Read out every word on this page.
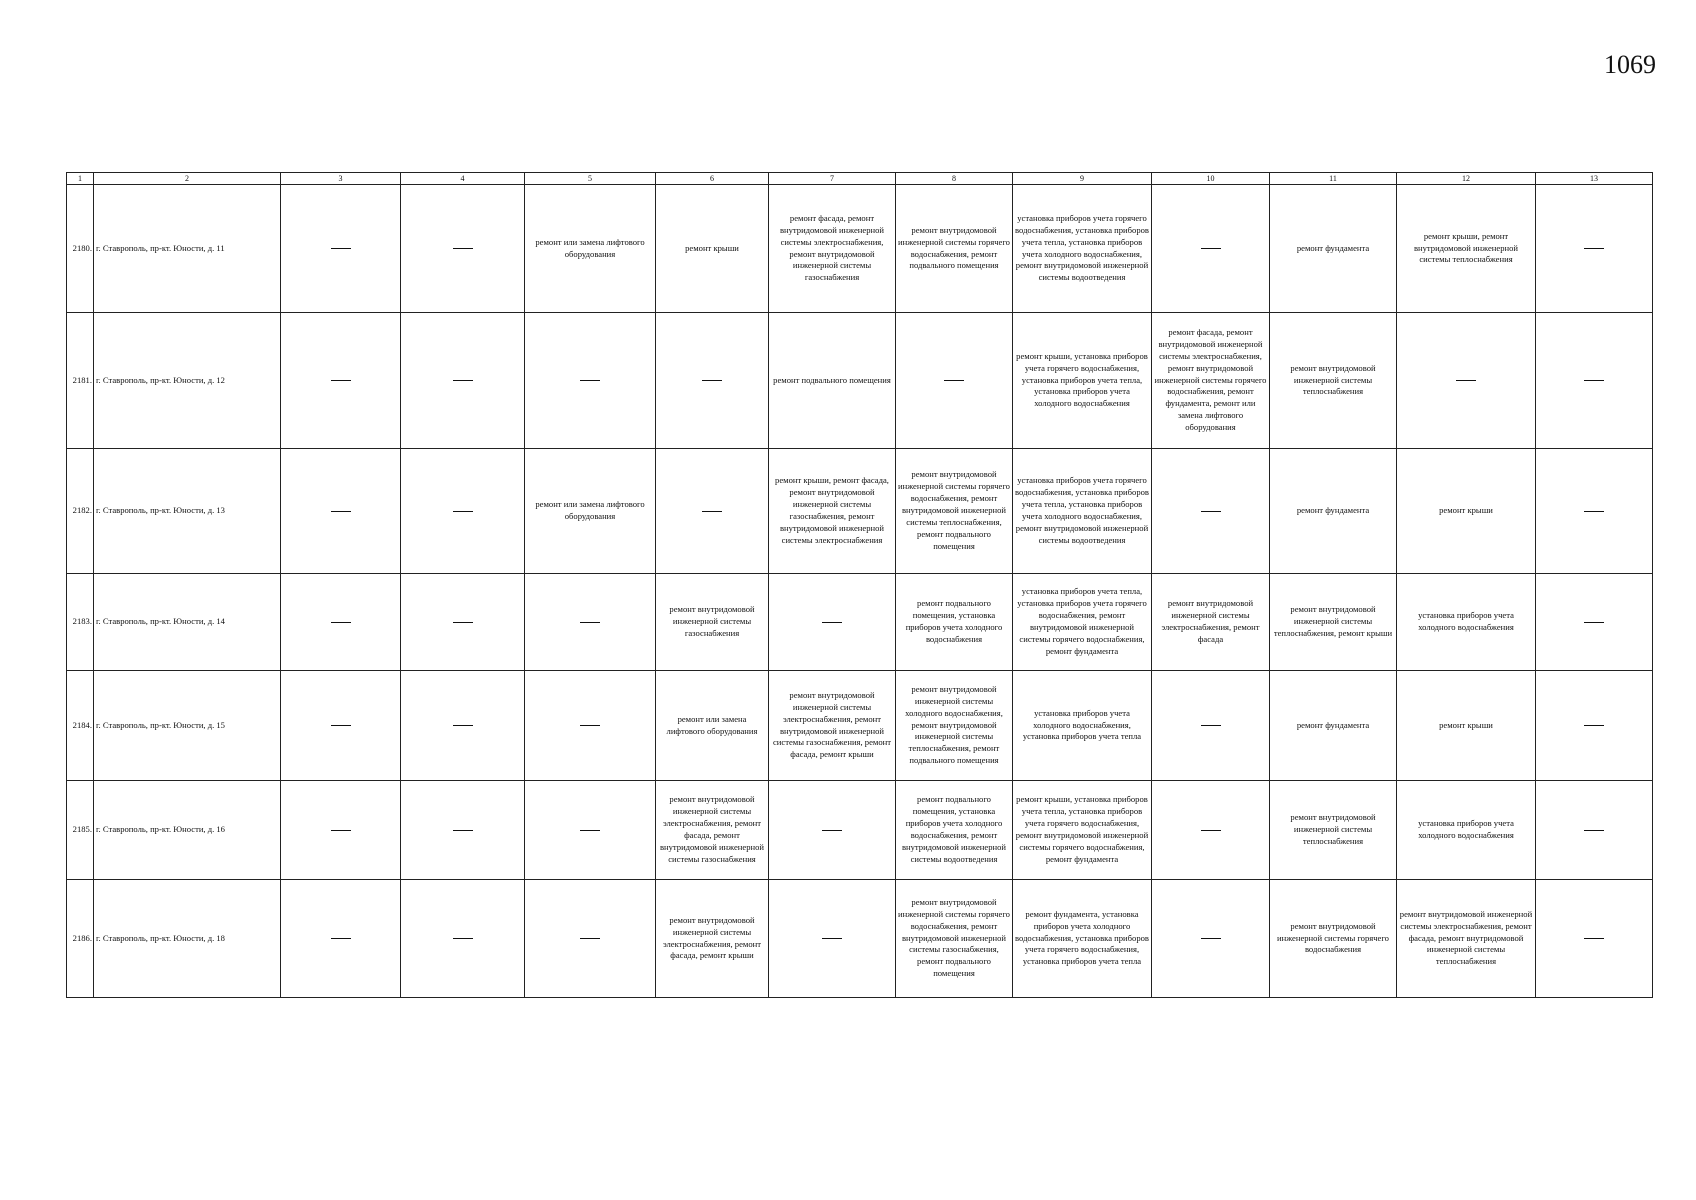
1069
1	2	3	4	5	6	7	8	9	10	11	12	13
2180.	г. Ставрополь, пр-кт. Юности, д. 11			ремонт или замена лифтового оборудования	ремонт крыши	ремонт фасада, ремонт внутридомовой инженерной системы электроснабжения, ремонт внутридомовой инженерной системы газоснабжения	ремонт внутридомовой инженерной системы горячего водоснабжения, ремонт подвального помещения	установка приборов учета горячего водоснабжения, установка приборов учета тепла, установка приборов учета холодного водоснабжения, ремонт внутридомовой инженерной системы водоотведения		ремонт фундамента	ремонт крыши, ремонт внутридомовой инженерной системы теплоснабжения	
2181.	г. Ставрополь, пр-кт. Юности, д. 12					ремонт подвального помещения		ремонт крыши, установка приборов учета горячего водоснабжения, установка приборов учета тепла, установка приборов учета холодного водоснабжения	ремонт фасада, ремонт внутридомовой инженерной системы электроснабжения, ремонт внутридомовой инженерной системы горячего водоснабжения, ремонт фундамента, ремонт или замена лифтового оборудования	ремонт внутридомовой инженерной системы теплоснабжения		
2182.	г. Ставрополь, пр-кт. Юности, д. 13			ремонт или замена лифтового оборудования		ремонт крыши, ремонт фасада, ремонт внутридомовой инженерной системы газоснабжения, ремонт внутридомовой инженерной системы электроснабжения	ремонт внутридомовой инженерной системы горячего водоснабжения, ремонт внутридомовой инженерной системы теплоснабжения, ремонт подвального помещения	установка приборов учета горячего водоснабжения, установка приборов учета тепла, установка приборов учета холодного водоснабжения, ремонт внутридомовой инженерной системы водоотведения		ремонт фундамента	ремонт крыши	
2183.	г. Ставрополь, пр-кт. Юности, д. 14				ремонт внутридомовой инженерной системы газоснабжения		ремонт подвального помещения, установка приборов учета холодного водоснабжения	установка приборов учета тепла, установка приборов учета горячего водоснабжения, ремонт внутридомовой инженерной системы горячего водоснабжения, ремонт фундамента	ремонт внутридомовой инженерной системы электроснабжения, ремонт фасада	ремонт внутридомовой инженерной системы теплоснабжения, ремонт крыши	установка приборов учета холодного водоснабжения	
2184.	г. Ставрополь, пр-кт. Юности, д. 15				ремонт или замена лифтового оборудования	ремонт внутридомовой инженерной системы электроснабжения, ремонт внутридомовой инженерной системы газоснабжения, ремонт фасада, ремонт крыши	ремонт внутридомовой инженерной системы холодного водоснабжения, ремонт внутридомовой инженерной системы теплоснабжения, ремонт подвального помещения	установка приборов учета холодного водоснабжения, установка приборов учета тепла		ремонт фундамента	ремонт крыши	
2185.	г. Ставрополь, пр-кт. Юности, д. 16				ремонт внутридомовой инженерной системы электроснабжения, ремонт фасада, ремонт внутридомовой инженерной системы газоснабжения		ремонт подвального помещения, установка приборов учета холодного водоснабжения, ремонт внутридомовой инженерной системы водоотведения	ремонт крыши, установка приборов учета тепла, установка приборов учета горячего водоснабжения, ремонт внутридомовой инженерной системы горячего водоснабжения, ремонт фундамента		ремонт внутридомовой инженерной системы теплоснабжения	установка приборов учета холодного водоснабжения	
2186.	г. Ставрополь, пр-кт. Юности, д. 18				ремонт внутридомовой инженерной системы электроснабжения, ремонт фасада, ремонт крыши		ремонт внутридомовой инженерной системы горячего водоснабжения, ремонт внутридомовой инженерной системы газоснабжения, ремонт подвального помещения	ремонт фундамента, установка приборов учета холодного водоснабжения, установка приборов учета горячего водоснабжения, установка приборов учета тепла		ремонт внутридомовой инженерной системы горячего водоснабжения	ремонт внутридомовой инженерной системы электроснабжения, ремонт фасада, ремонт внутридомовой инженерной системы теплоснабжения	
